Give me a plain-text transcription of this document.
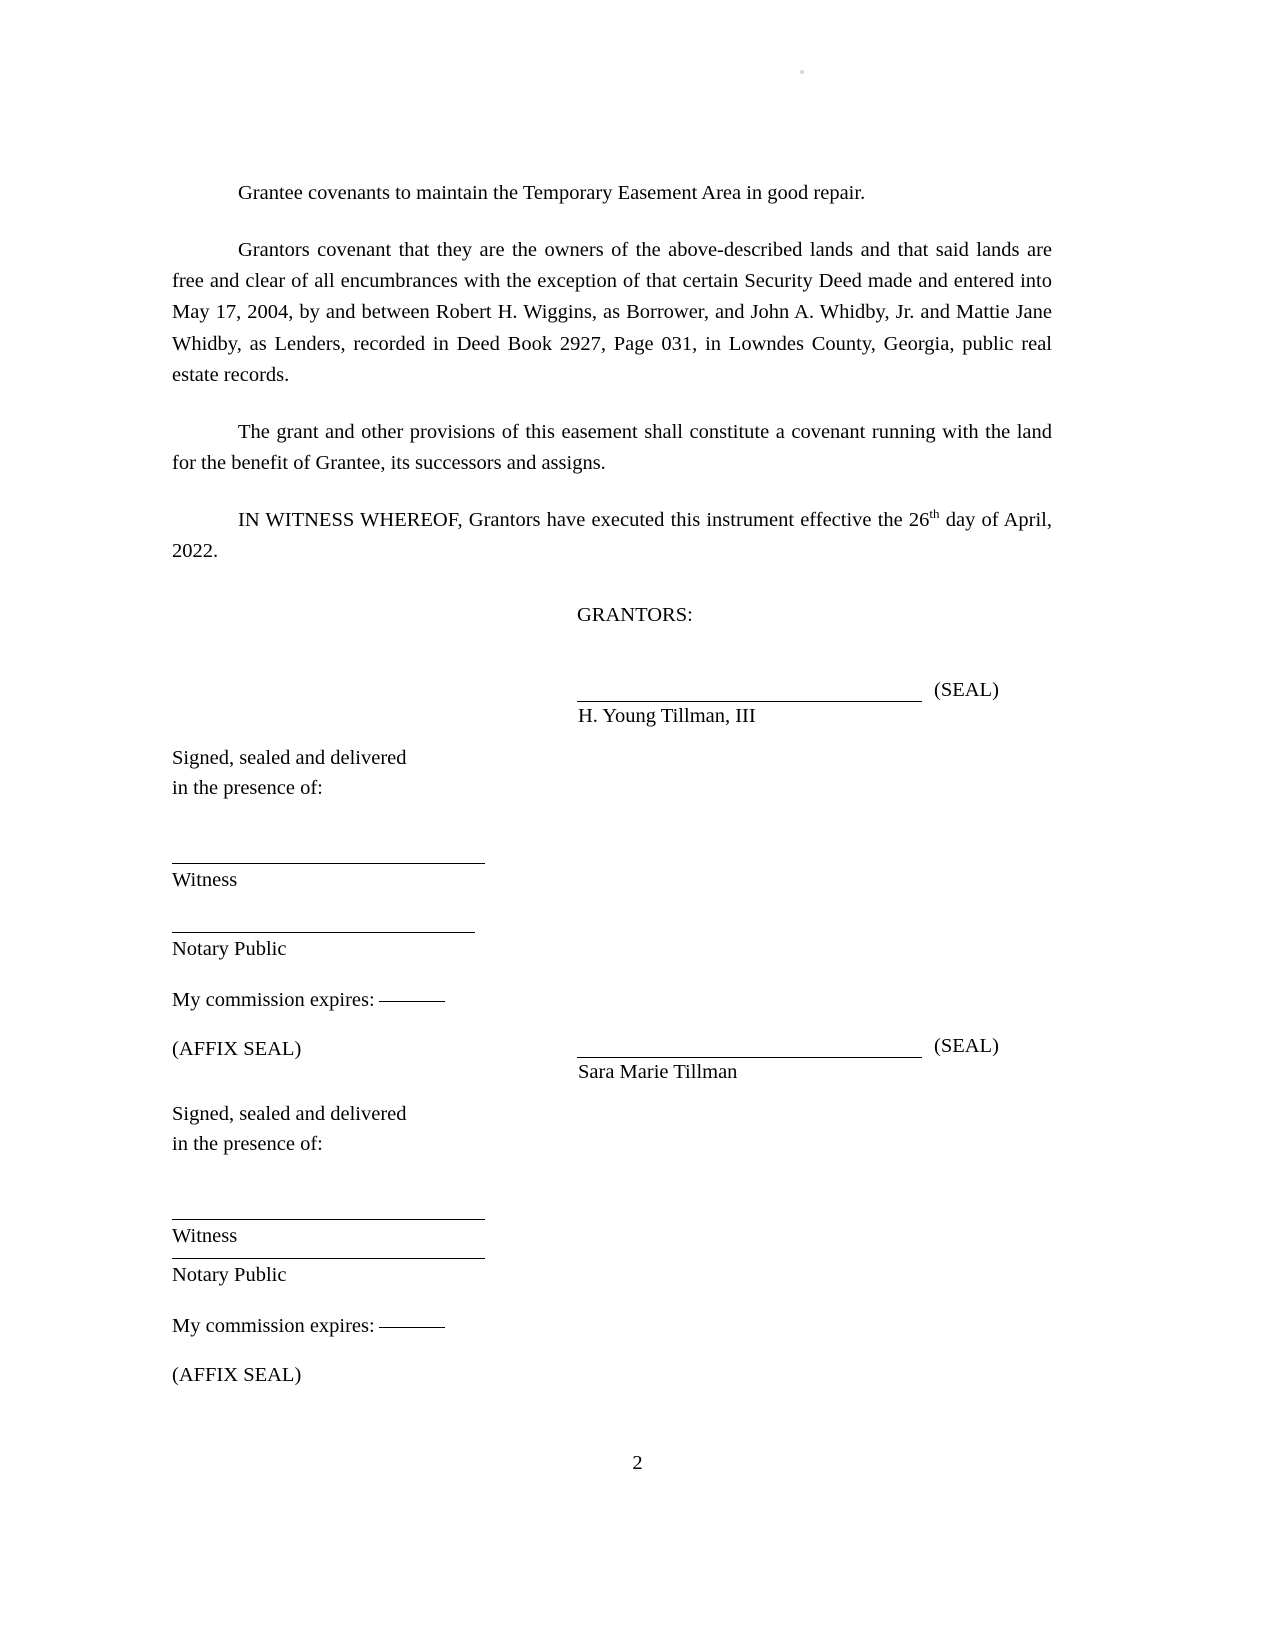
Grantee covenants to maintain the Temporary Easement Area in good repair.

Grantors covenant that they are the owners of the above-described lands and that said lands are free and clear of all encumbrances with the exception of that certain Security Deed made and entered into May 17, 2004, by and between Robert H. Wiggins, as Borrower, and John A. Whidby, Jr. and Mattie Jane Whidby, as Lenders, recorded in Deed Book 2927, Page 031, in Lowndes County, Georgia, public real estate records.

The grant and other provisions of this easement shall constitute a covenant running with the land for the benefit of Grantee, its successors and assigns.

IN WITNESS WHEREOF, Grantors have executed this instrument effective the 26th day of April, 2022.

GRANTORS:

(SEAL)
H. Young Tillman, III
Signed, sealed and delivered
in the presence of:
Witness
Notary Public
My commission expires:
(AFFIX SEAL)	(SEAL)
Sara Marie Tillman
Signed, sealed and delivered
in the presence of:
Witness
Notary Public
My commission expires:
(AFFIX SEAL)
2
